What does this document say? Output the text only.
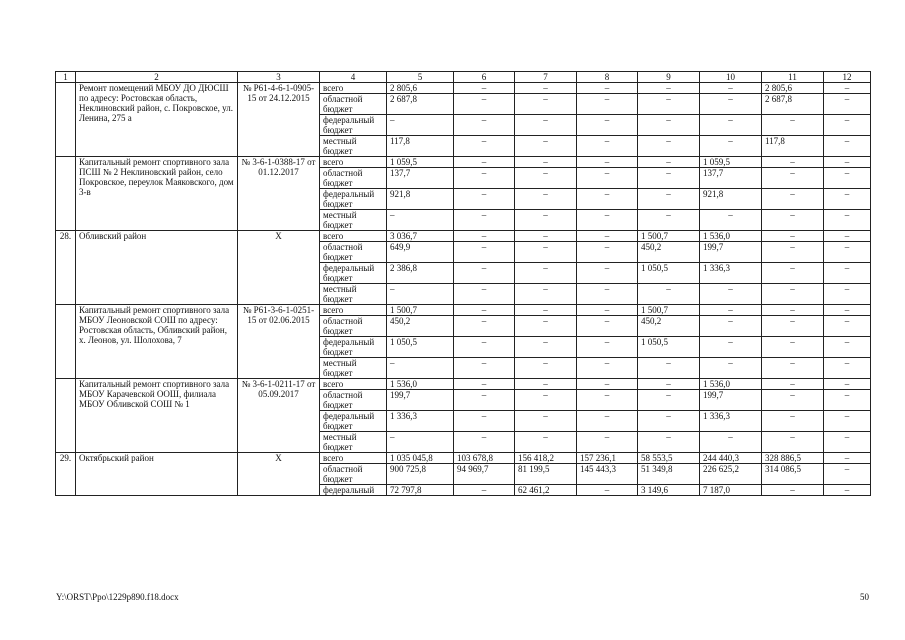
1	2	3	4	5	6	7	8	9	10	11	12
	Ремонт помещений МБОУ ДО ДЮСШ по адресу: Ростовская область, Неклиновский район, с. Покровское, ул. Ленина, 275 а	№ Р61-4-6-1-0905-15 от 24.12.2015	всего	2 805,6	–	–	–	–	–	2 805,6	–
			областной бюджет	2 687,8	–	–	–	–	–	2 687,8	–
			федеральный бюджет	–	–	–	–	–	–	–	–
			местный бюджет	117,8	–	–	–	–	–	117,8	–
	Капитальный ремонт спортивного зала ПСШ № 2 Неклиновский район, село Покровское, переулок Маяковского, дом 3-в	№ 3-6-1-0388-17 от 01.12.2017	всего	1 059,5	–	–	–	–	1 059,5	–	–
			областной бюджет	137,7	–	–	–	–	137,7	–	–
			федеральный бюджет	921,8	–	–	–	–	921,8	–	–
			местный бюджет	–	–	–	–	–	–	–	–
28.	Обливский район	Х	всего	3 036,7	–	–	–	1 500,7	1 536,0	–	–
			областной бюджет	649,9	–	–	–	450,2	199,7	–	–
			федеральный бюджет	2 386,8	–	–	–	1 050,5	1 336,3	–	–
			местный бюджет	–	–	–	–	–	–	–	–
	Капитальный ремонт спортивного зала МБОУ Леоновской СОШ по адресу: Ростовская область, Обливский район, х. Леонов, ул. Шолохова, 7	№ Р61-3-6-1-0251-15 от 02.06.2015	всего	1 500,7	–	–	–	1 500,7	–	–	–
			областной бюджет	450,2	–	–	–	450,2	–	–	–
			федеральный бюджет	1 050,5	–	–	–	1 050,5	–	–	–
			местный бюджет	–	–	–	–	–	–	–	–
	Капитальный ремонт спортивного зала МБОУ Карачевской ООШ, филиала МБОУ Обливской СОШ № 1	№ 3-6-1-0211-17 от 05.09.2017	всего	1 536,0	–	–	–	–	1 536,0	–	–
			областной бюджет	199,7	–	–	–	–	199,7	–	–
			федеральный бюджет	1 336,3	–	–	–	–	1 336,3	–	–
			местный бюджет	–	–	–	–	–	–	–	–
29.	Октябрьский район	Х	всего	1 035 045,8	103 678,8	156 418,2	157 236,1	58 553,5	244 440,3	328 886,5	–
			областной бюджет	900 725,8	94 969,7	81 199,5	145 443,3	51 349,8	226 625,2	314 086,5	–
			федеральный	72 797,8	–	62 461,2	–	3 149,6	7 187,0	–	–
Y:\ORST\Ppo\1229p890.f18.docx	50
